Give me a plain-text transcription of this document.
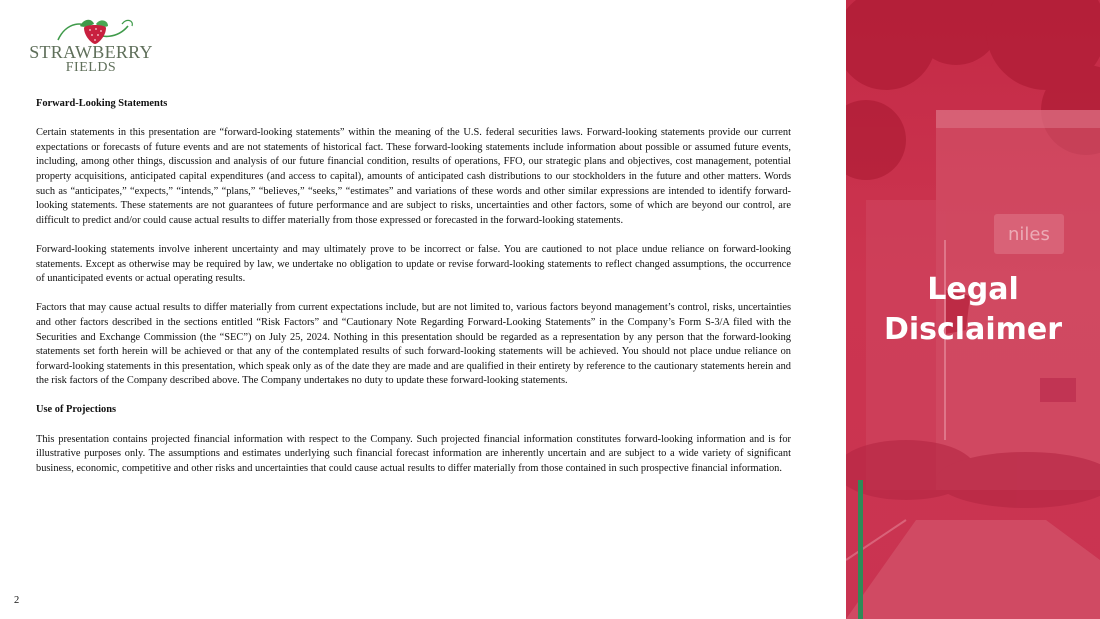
STRAWBERRY
FIELDS
Forward-Looking Statements

Certain statements in this presentation are “forward-looking statements” within the meaning of the U.S. federal securities laws. Forward-looking statements provide our current expectations or forecasts of future events and are not statements of historical fact. These forward-looking statements include information about possible or assumed future events, including, among other things, discussion and analysis of our future financial condition, results of operations, FFO, our strategic plans and objectives, cost management, potential property acquisitions, anticipated capital expenditures (and access to capital), amounts of anticipated cash distributions to our stockholders in the future and other matters. Words such as “anticipates,” “expects,” “intends,” “plans,” “believes,” “seeks,” “estimates” and variations of these words and other similar expressions are intended to identify forward-looking statements. These statements are not guarantees of future performance and are subject to risks, uncertainties and other factors, some of which are beyond our control, are difficult to predict and/or could cause actual results to differ materially from those expressed or forecasted in the forward-looking statements.

Forward-looking statements involve inherent uncertainty and may ultimately prove to be incorrect or false. You are cautioned to not place undue reliance on forward-looking statements. Except as otherwise may be required by law, we undertake no obligation to update or revise forward-looking statements to reflect changed assumptions, the occurrence of unanticipated events or actual operating results.

Factors that may cause actual results to differ materially from current expectations include, but are not limited to, various factors beyond management’s control, risks, uncertainties and other factors described in the sections entitled “Risk Factors” and “Cautionary Note Regarding Forward-Looking Statements” in the Company’s Form S-3/A filed with the Securities and Exchange Commission (the “SEC”) on July 25, 2024. Nothing in this presentation should be regarded as a representation by any person that the forward-looking statements set forth herein will be achieved or that any of the contemplated results of such forward-looking statements will be achieved. You should not place undue reliance on forward-looking statements in this presentation, which speak only as of the date they are made and are qualified in their entirety by reference to the cautionary statements herein and the risk factors of the Company described above. The Company undertakes no duty to update these forward-looking statements.

Use of Projections

This presentation contains projected financial information with respect to the Company. Such projected financial information constitutes forward-looking information and is for illustrative purposes only. The assumptions and estimates underlying such financial forecast information are inherently uncertain and are subject to a wide variety of significant business, economic, competitive and other risks and uncertainties that could cause actual results to differ materially from those contained in such prospective financial information.

2
niles
Legal
Disclaimer
